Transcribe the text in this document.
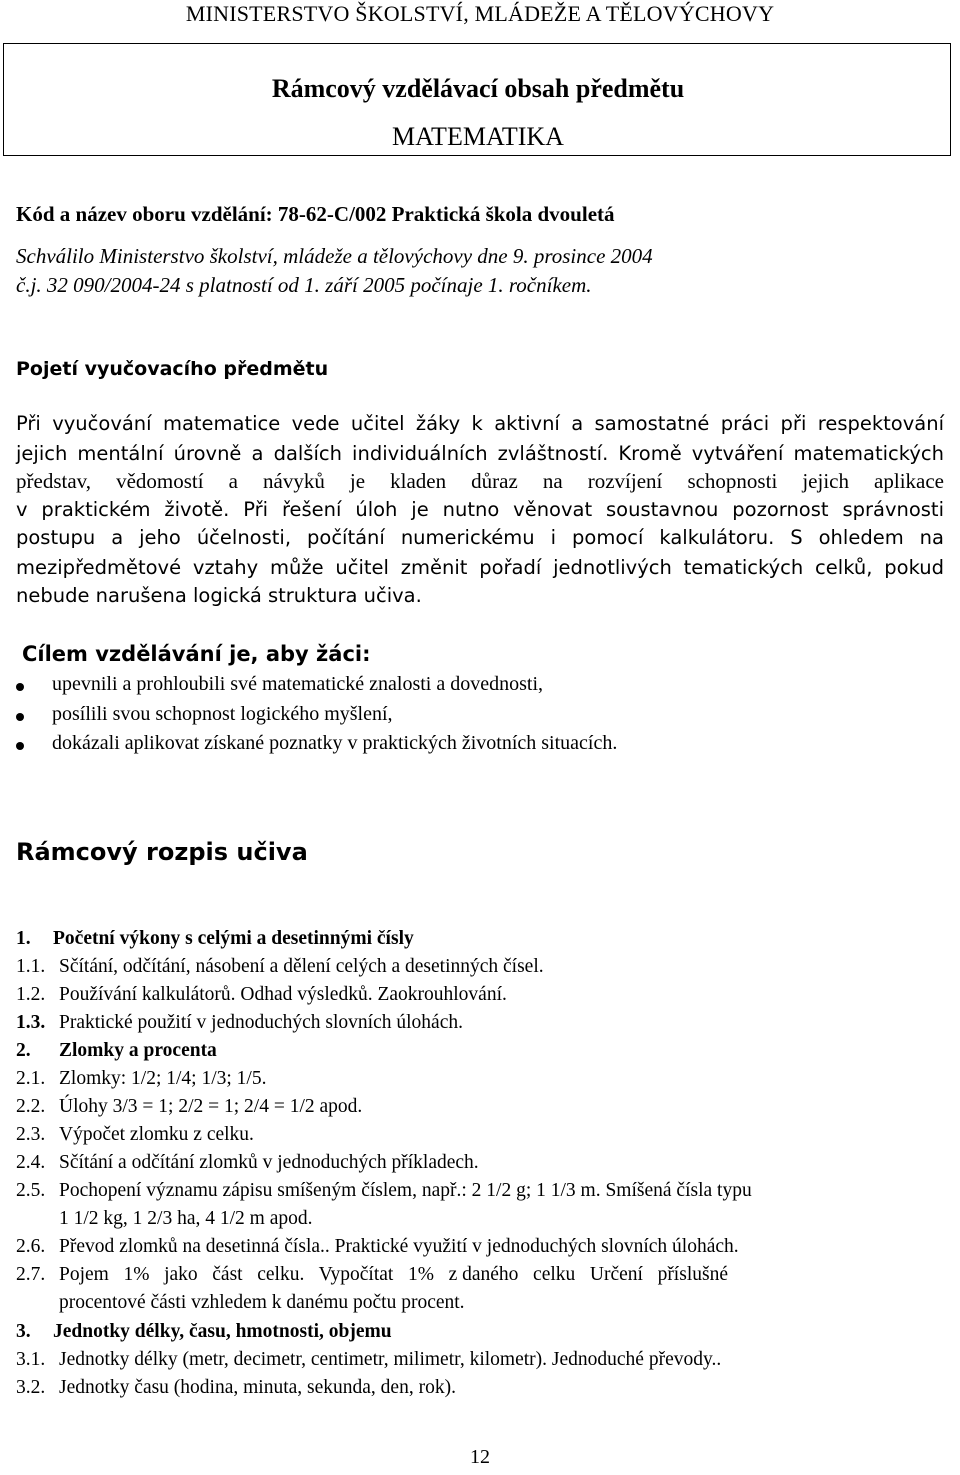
MINISTERSTVO ŠKOLSTVÍ, MLÁDEŽE A TĚLOVÝCHOVY
Rámcový vzdělávací obsah předmětu
MATEMATIKA
Kód a název oboru vzdělání: 78-62-C/002 Praktická škola dvouletá
Schválilo Ministerstvo školství, mládeže a tělovýchovy dne 9. prosince 2004
č.j. 32 090/2004-24 s platností od 1. září 2005 počínaje 1. ročníkem.
Pojetí vyučovacího předmětu
Při vyučování matematice vede učitel žáky k aktivní a samostatné práci při respektování
jejich mentální úrovně a dalších individuálních zvláštností. Kromě vytváření matematických
představ, vědomostí a návyků je kladen důraz na rozvíjení schopnosti jejich aplikace
v praktickém životě. Při řešení úloh je nutno věnovat soustavnou pozornost správnosti
postupu a jeho účelnosti, počítání numerickému i pomocí kalkulátoru. S ohledem na
mezipředmětové vztahy může učitel změnit pořadí jednotlivých tematických celků, pokud
nebude narušena logická struktura učiva.
Cílem vzdělávání je, aby žáci:
upevnili a prohloubili své matematické znalosti a dovednosti,
posílili svou schopnost logického myšlení,
dokázali aplikovat získané poznatky v praktických životních situacích.
Rámcový rozpis učiva
1. Početní výkony s celými a desetinnými čísly
1.1. Sčítání, odčítání, násobení a dělení celých a desetinných čísel.
1.2. Používání kalkulátorů. Odhad výsledků. Zaokrouhlování.
1.3. Praktické použití v jednoduchých slovních úlohách.
2. Zlomky a procenta
2.1. Zlomky: 1/2; 1/4; 1/3; 1/5.
2.2. Úlohy 3/3 = 1; 2/2 = 1; 2/4 = 1/2 apod.
2.3. Výpočet zlomku z celku.
2.4. Sčítání a odčítání zlomků v jednoduchých příkladech.
2.5. Pochopení významu zápisu smíšeným číslem, např.: 2 1/2 g; 1 1/3 m. Smíšená čísla typu
1 1/2 kg, 1 2/3 ha, 4 1/2 m apod.
2.6. Převod zlomků na desetinná čísla.. Praktické využití v jednoduchých slovních úlohách.
2.7. Pojem   1%   jako   část   celku.   Vypočítat   1%   z daného   celku   Určení   příslušné
procentové části vzhledem k danému počtu procent.
3. Jednotky délky, času, hmotnosti, objemu
3.1. Jednotky délky (metr, decimetr, centimetr, milimetr, kilometr). Jednoduché převody..
3.2. Jednotky času (hodina, minuta, sekunda, den, rok).
12
